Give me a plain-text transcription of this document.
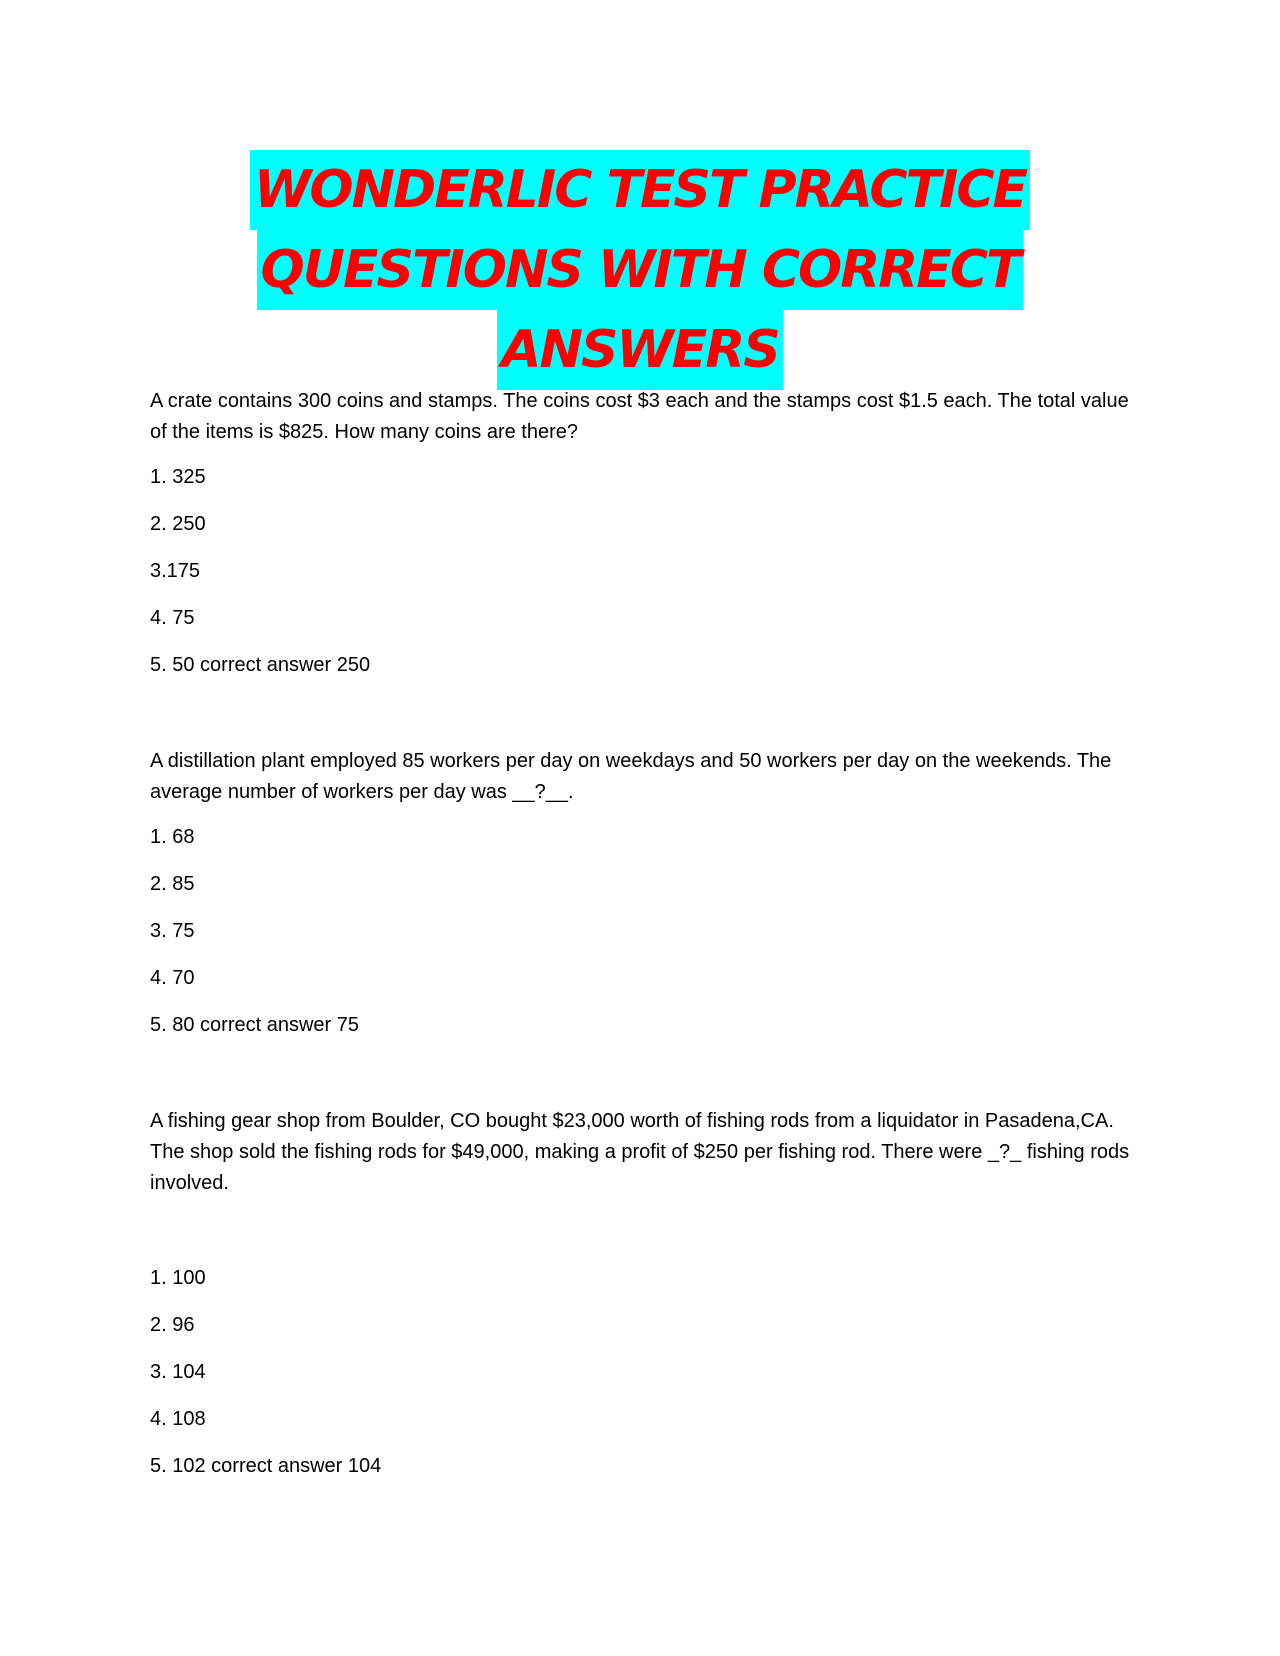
WONDERLIC TEST PRACTICE
QUESTIONS WITH CORRECT
ANSWERS

A crate contains 300 coins and stamps. The coins cost $3 each and the stamps cost $1.5 each. The total value of the items is $825. How many coins are there?

1. 325

2. 250

3.175

4. 75

5. 50 correct answer 250

A distillation plant employed 85 workers per day on weekdays and 50 workers per day on the weekends. The average number of workers per day was __?__.

1. 68

2. 85

3. 75

4. 70

5. 80 correct answer 75

A fishing gear shop from Boulder, CO bought $23,000 worth of fishing rods from a liquidator in Pasadena,CA. The shop sold the fishing rods for $49,000, making a profit of $250 per fishing rod. There were _?_ fishing rods involved.

1. 100

2. 96

3. 104

4. 108

5. 102 correct answer 104
